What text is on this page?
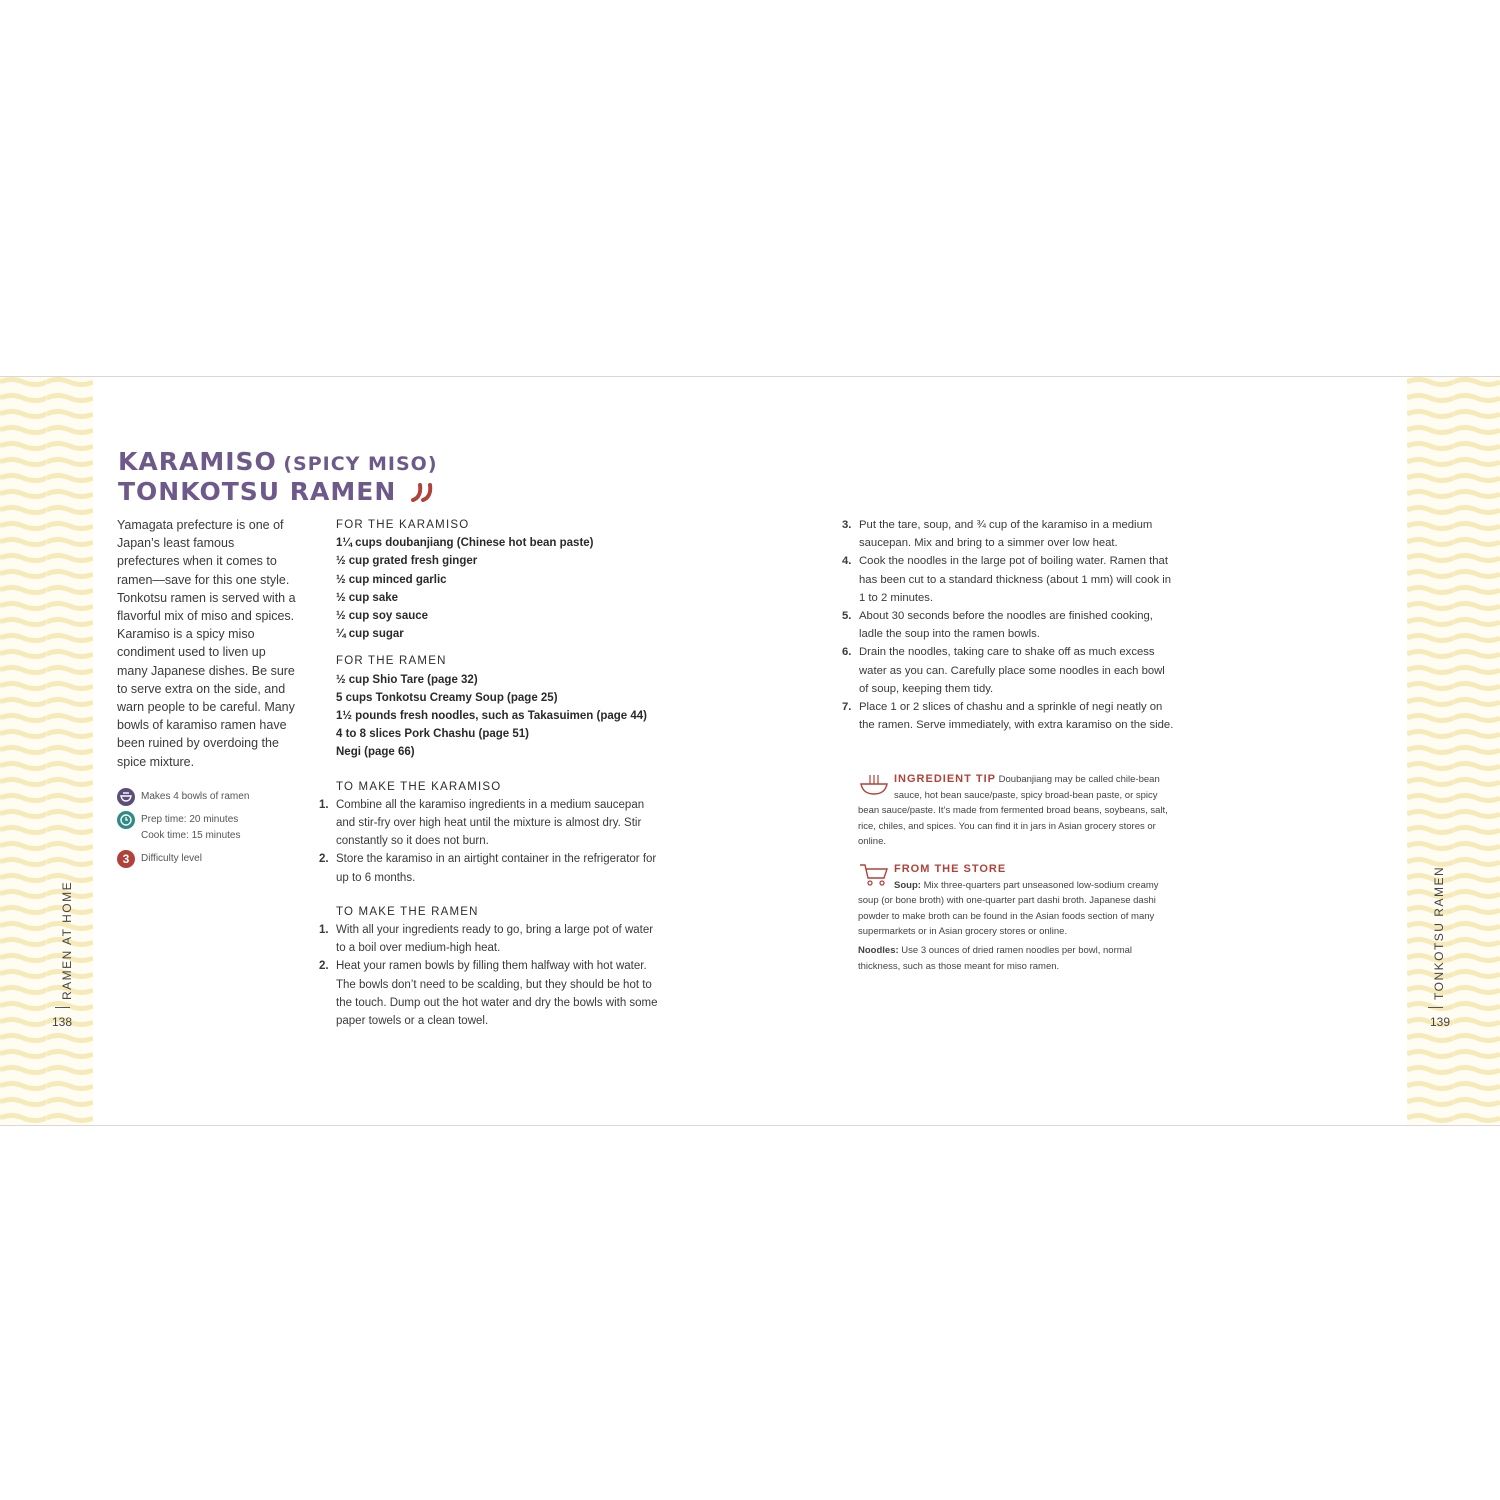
RAMEN AT HOME
138
TONKOTSU RAMEN
139
KARAMISO (SPICY MISO)
TONKOTSU RAMEN
Yamagata prefecture is one of Japan’s least famous prefectures when it comes to ramen—save for this one style. Tonkotsu ramen is served with a flavorful mix of miso and spices. Karamiso is a spicy miso condiment used to liven up many Japanese dishes. Be sure to serve extra on the side, and warn people to be careful. Many bowls of karamiso ramen have been ruined by overdoing the spice mixture.
Makes 4 bowls of ramen
Prep time: 20 minutes
Cook time: 15 minutes
3	Difficulty level
FOR THE KARAMISO
1¼ cups doubanjiang (Chinese hot bean paste)
½ cup grated fresh ginger
½ cup minced garlic
½ cup sake
½ cup soy sauce
¼ cup sugar
FOR THE RAMEN
½ cup Shio Tare (page 32)
5 cups Tonkotsu Creamy Soup (page 25)
1½ pounds fresh noodles, such as Takasuimen (page 44)
4 to 8 slices Pork Chashu (page 51)
Negi (page 66)
TO MAKE THE KARAMISO
1. Combine all the karamiso ingredients in a medium saucepan and stir-fry over high heat until the mixture is almost dry. Stir constantly so it does not burn.
2. Store the karamiso in an airtight container in the refrigerator for up to 6 months.
TO MAKE THE RAMEN
1. With all your ingredients ready to go, bring a large pot of water to a boil over medium-high heat.
2. Heat your ramen bowls by filling them halfway with hot water. The bowls don’t need to be scalding, but they should be hot to the touch. Dump out the hot water and dry the bowls with some paper towels or a clean towel.
3. Put the tare, soup, and ¾ cup of the karamiso in a medium saucepan. Mix and bring to a simmer over low heat.
4. Cook the noodles in the large pot of boiling water. Ramen that has been cut to a standard thickness (about 1 mm) will cook in 1 to 2 minutes.
5. About 30 seconds before the noodles are finished cooking, ladle the soup into the ramen bowls.
6. Drain the noodles, taking care to shake off as much excess water as you can. Carefully place some noodles in each bowl of soup, keeping them tidy.
7. Place 1 or 2 slices of chashu and a sprinkle of negi neatly on the ramen. Serve immediately, with extra karamiso on the side.
INGREDIENT TIP Doubanjiang may be called chile-bean sauce, hot bean sauce/paste, spicy broad-bean paste, or spicy bean sauce/paste. It’s made from fermented broad beans, soybeans, salt, rice, chiles, and spices. You can find it in jars in Asian grocery stores or online.
FROM THE STORE
Soup: Mix three-quarters part unseasoned low-sodium creamy soup (or bone broth) with one-quarter part dashi broth. Japanese dashi powder to make broth can be found in the Asian foods section of many supermarkets or in Asian grocery stores or online.
Noodles: Use 3 ounces of dried ramen noodles per bowl, normal thickness, such as those meant for miso ramen.
